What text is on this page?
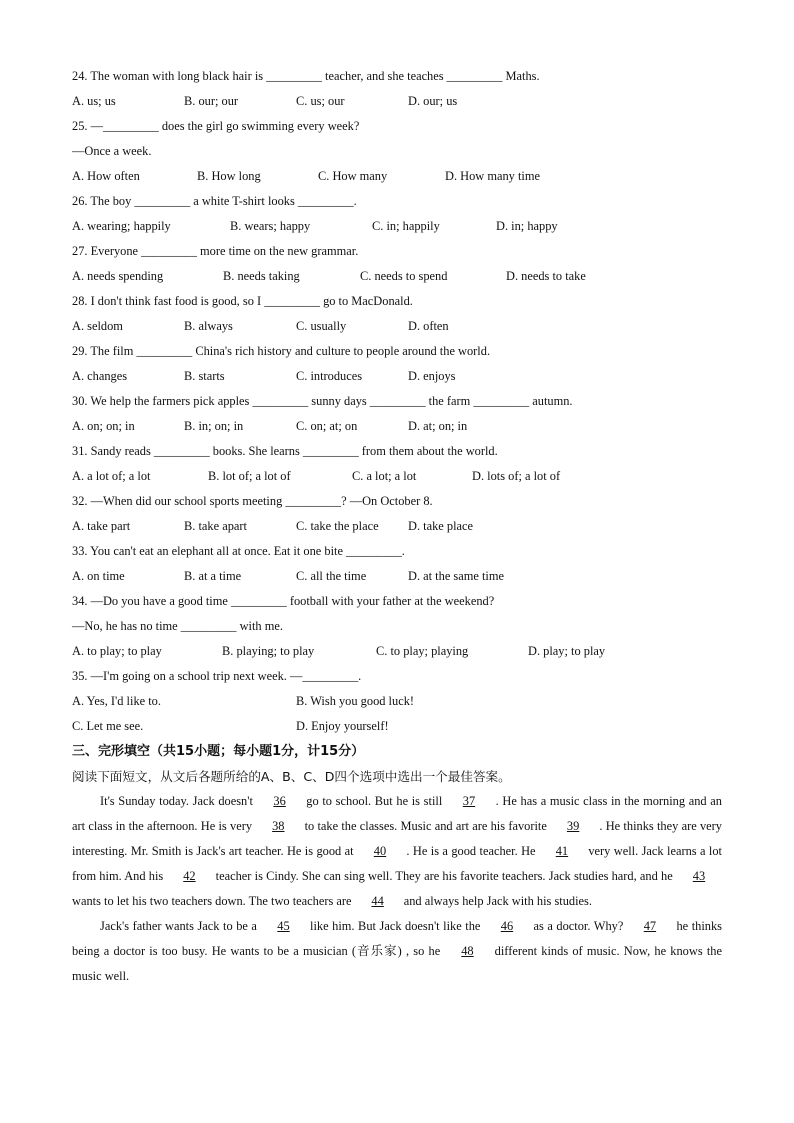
24. The woman with long black hair is _________ teacher, and she teaches _________ Maths.
A. us; us	B. our; our	C. us; our	D. our; us
25. —_________ does the girl go swimming every week?
—Once a week.
A. How often	B. How long	C. How many	D. How many time
26. The boy _________ a white T-shirt looks _________.
A. wearing; happily	B. wears; happy	C. in; happily	D. in; happy
27. Everyone _________ more time on the new grammar.
A. needs spending	B. needs taking	C. needs to spend	D. needs to take
28. I don't think fast food is good, so I _________ go to MacDonald.
A. seldom	B. always	C. usually	D. often
29. The film _________ China's rich history and culture to people around the world.
A. changes	B. starts	C. introduces	D. enjoys
30. We help the farmers pick apples _________ sunny days _________ the farm _________ autumn.
A. on; on; in	B. in; on; in	C. on; at; on	D. at; on; in
31. Sandy reads _________ books. She learns _________ from them about the world.
A. a lot of; a lot	B. lot of; a lot of	C. a lot; a lot	D. lots of; a lot of
32. —When did our school sports meeting _________? —On October 8.
A. take part	B. take apart	C. take the place D. take place
33. You can't eat an elephant all at once. Eat it one bite _________.
A. on time	B. at a time	C. all the time	D. at the same time
34. —Do you have a good time _________ football with your father at the weekend?
—No, he has no time _________ with me.
A. to play; to play	B. playing; to play	C. to play; playing	D. play; to play
35. —I'm going on a school trip next week. —_________.
A. Yes, I'd like to.	B. Wish you good luck!
C. Let me see.	D. Enjoy yourself!
三、完形填空（共15小题；每小题1分，计15分）
阅读下面短文，从文后各题所给的A、B、C、D四个选项中选出一个最佳答案。
It's Sunday today. Jack doesn't 36 go to school. But he is still 37 . He has a music class in the morning and an art class in the afternoon. He is very 38 to take the classes. Music and art are his favorite 39 . He thinks they are very interesting. Mr. Smith is Jack's art teacher. He is good at 40 . He is a good teacher. He 41 very well. Jack learns a lot from him. And his 42 teacher is Cindy. She can sing well. They are his favorite teachers. Jack studies hard, and he 43 wants to let his two teachers down. The two teachers are 44 and always help Jack with his studies.
Jack's father wants Jack to be a 45 like him. But Jack doesn't like the 46 as a doctor. Why? 47 he thinks being a doctor is too busy. He wants to be a musician (音乐家) , so he 48 different kinds of music. Now, he knows the music well.
